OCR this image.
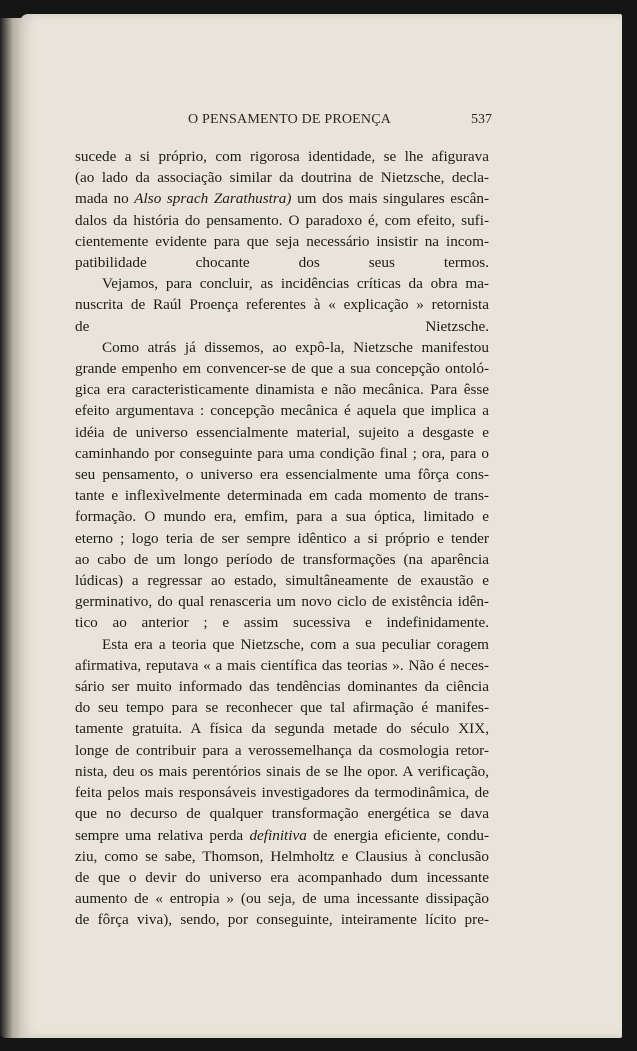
O PENSAMENTO DE PROENÇA	537

sucede a si próprio, com rigorosa identidade, se lhe afigurava
(ao lado da associação similar da doutrina de Nietzsche, decla-
mada no Also sprach Zarathustra) um dos mais singulares escân-
dalos da história do pensamento. O paradoxo é, com efeito, sufi-
cientemente evidente para que seja necessário insistir na incom-
patibilidade chocante dos seus termos.

Vejamos, para concluir, as incidências críticas da obra ma-
nuscrita de Raúl Proença referentes à « explicação » retornista
de Nietzsche.

Como atrás já dissemos, ao expô-la, Nietzsche manifestou
grande empenho em convencer-se de que a sua concepção ontoló-
gica era caracteristicamente dinamista e não mecânica. Para êsse
efeito argumentava : concepção mecânica é aquela que implica a
idéia de universo essencialmente material, sujeito a desgaste e
caminhando por conseguinte para uma condição final ; ora, para o
seu pensamento, o universo era essencialmente uma fôrça cons-
tante e inflexìvelmente determinada em cada momento de trans-
formação. O mundo era, emfim, para a sua óptica, limitado e
eterno ; logo teria de ser sempre idêntico a si próprio e tender
ao cabo de um longo período de transformações (na aparência
lúdicas) a regressar ao estado, simultâneamente de exaustão e
germinativo, do qual renasceria um novo ciclo de existência idên-
tico ao anterior ; e assim sucessiva e indefinidamente.

Esta era a teoria que Nietzsche, com a sua peculiar coragem
afirmativa, reputava « a mais científica das teorias ». Não é neces-
sário ser muito informado das tendências dominantes da ciência
do seu tempo para se reconhecer que tal afirmação é manifes-
tamente gratuita. A física da segunda metade do século XIX,
longe de contribuir para a verossemelhança da cosmologia retor-
nista, deu os mais perentórios sinais de se lhe opor. A verificação,
feita pelos mais responsáveis investigadores da termodinâmica, de
que no decurso de qualquer transformação energética se dava
sempre uma relativa perda definitiva de energia eficiente, condu-
ziu, como se sabe, Thomson, Helmholtz e Clausius à conclusão
de que o devir do universo era acompanhado dum incessante
aumento de « entropia » (ou seja, de uma incessante dissipação
de fôrça viva), sendo, por conseguinte, inteiramente lícito pre-
